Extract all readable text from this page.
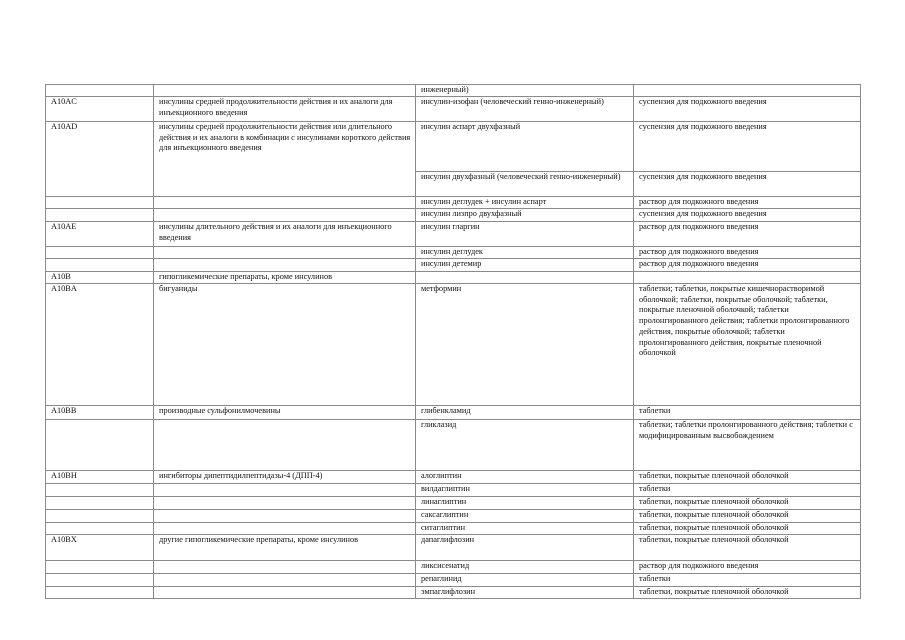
		инженерный)	
A10AC	инсулины средней продолжительности действия и их аналоги для инъекционного введения	инсулин-изофан (человеческий генно-инженерный)	суспензия для подкожного введения
A10AD	инсулины средней продолжительности действия или длительного действия и их аналоги в комбинации с инсулинами короткого действия для инъекционного введения	инсулин аспарт двухфазный	суспензия для подкожного введения
		инсулин двухфазный (человеческий генно-инженерный)	суспензия для подкожного введения
		инсулин деглудек + инсулин аспарт	раствор для подкожного введения
		инсулин лизпро двухфазный	суспензия для подкожного введения
A10AE	инсулины длительного действия и их аналоги для инъекционного введения	инсулин гларгин	раствор для подкожного введения
		инсулин деглудек	раствор для подкожного введения
		инсулин детемир	раствор для подкожного введения
A10B	гипогликемические препараты, кроме инсулинов		
A10BA	бигуаниды	метформин	таблетки; таблетки, покрытые кишечнорастворимой оболочкой; таблетки, покрытые оболочкой; таблетки, покрытые пленочной оболочкой; таблетки пролонгированного действия; таблетки пролонгированного действия, покрытые оболочкой; таблетки пролонгированного действия, покрытые пленочной оболочкой
A10BB	производные сульфонилмочевины	глибенкламид	таблетки
		гликлазид	таблетки; таблетки пролонгированного действия; таблетки с модифицированным высвобождением
A10BH	ингибиторы дипептидилпептидазы-4 (ДПП-4)	алоглиптин	таблетки, покрытые пленочной оболочкой
		вилдаглиптин	таблетки
		линаглиптин	таблетки, покрытые пленочной оболочкой
		саксаглиптин	таблетки, покрытые пленочной оболочкой
		ситаглиптин	таблетки, покрытые пленочной оболочкой
A10BX	другие гипогликемические препараты, кроме инсулинов	дапаглифлозин	таблетки, покрытые пленочной оболочкой
		ликсисенатид	раствор для подкожного введения
		репаглинид	таблетки
		эмпаглифлозин	таблетки, покрытые пленочной оболочкой
